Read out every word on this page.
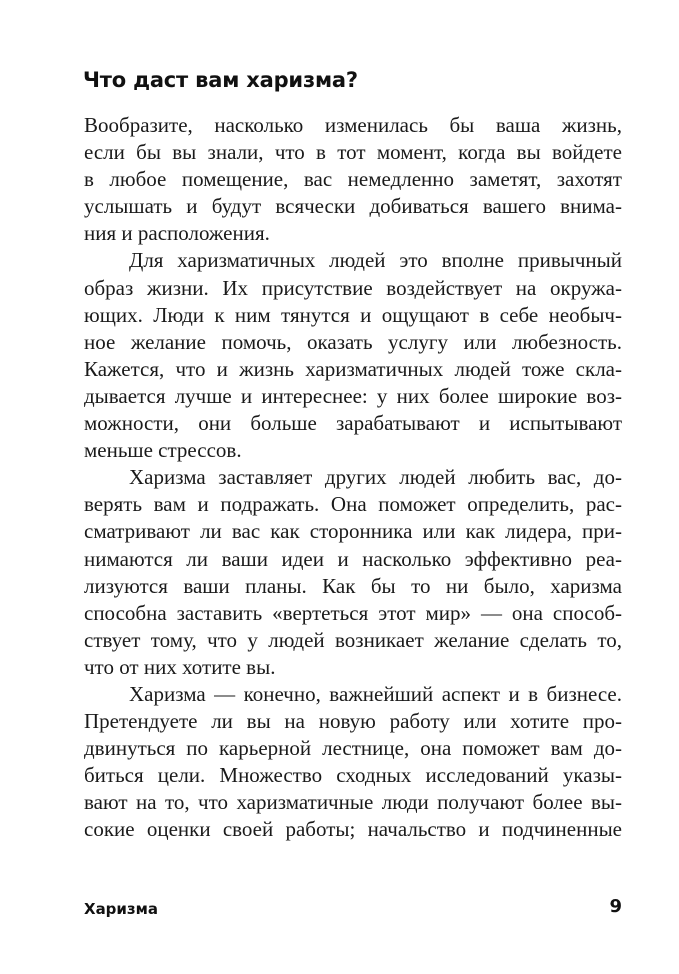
Что даст вам харизма?
Вообразите, насколько изменилась бы ваша жизнь,
если бы вы знали, что в тот момент, когда вы войдете
в любое помещение, вас немедленно заметят, захотят
услышать и будут всячески добиваться вашего внима-
ния и расположения.
Для харизматичных людей это вполне привычный
образ жизни. Их присутствие воздействует на окружа-
ющих. Люди к ним тянутся и ощущают в себе необыч-
ное желание помочь, оказать услугу или любезность.
Кажется, что и жизнь харизматичных людей тоже скла-
дывается лучше и интереснее: у них более широкие воз-
можности, они больше зарабатывают и испытывают
меньше стрессов.
Харизма заставляет других людей любить вас, до-
верять вам и подражать. Она поможет определить, рас-
сматривают ли вас как сторонника или как лидера, при-
нимаются ли ваши идеи и насколько эффективно реа-
лизуются ваши планы. Как бы то ни было, харизма
способна заставить «вертеться этот мир» — она способ-
ствует тому, что у людей возникает желание сделать то,
что от них хотите вы.
Харизма — конечно, важнейший аспект и в бизнесе.
Претендуете ли вы на новую работу или хотите про-
двинуться по карьерной лестнице, она поможет вам до-
биться цели. Множество сходных исследований указы-
вают на то, что харизматичные люди получают более вы-
сокие оценки своей работы; начальство и подчиненные
Харизма	9
